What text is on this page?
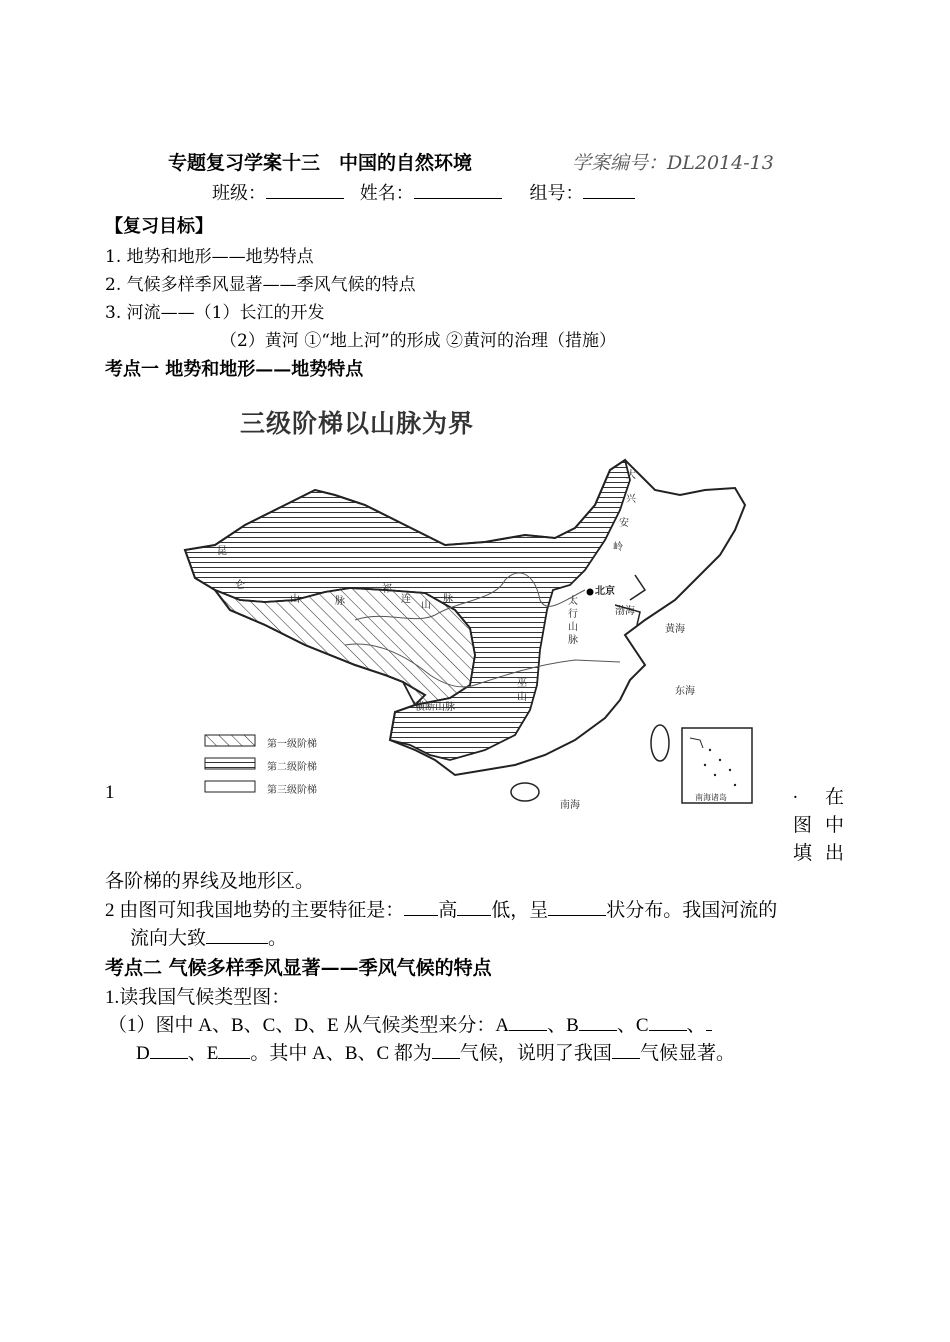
专题复习学案十三　中国的自然环境	学案编号：DL2014-13
班级：	姓名：	组号：
【复习目标】
1. 地势和地形——地势特点
2. 气候多样季风显著——季风气候的特点
3. 河流——（1）长江的开发
（2）黄河 ①“地上河”的形成 ②黄河的治理（措施）
考点一 地势和地形——地势特点
三级阶梯以山脉为界
昆
仑
山	脉
祁
连
山
脉
大
兴
安
岭
太
行
山
脉
巫
山
横断山脉
北京
渤海
黄海
东海
南海
南海诸岛
第一级阶梯
第二级阶梯
第三级阶梯
1	. 在
图 中
填 出
各阶梯的界线及地形区。
2 由图可知我国地势的主要特征是： 高 低，呈	状分布。我国河流的
流向大致	。
考点二 气候多样季风显著——季风气候的特点
1.读我国气候类型图：
（1）图中 A、B、C、D、E 从气候类型来分：A 、B 、C 、
D 、E 。其中 A、B、C 都为 气候，说明了我国 气候显著。
